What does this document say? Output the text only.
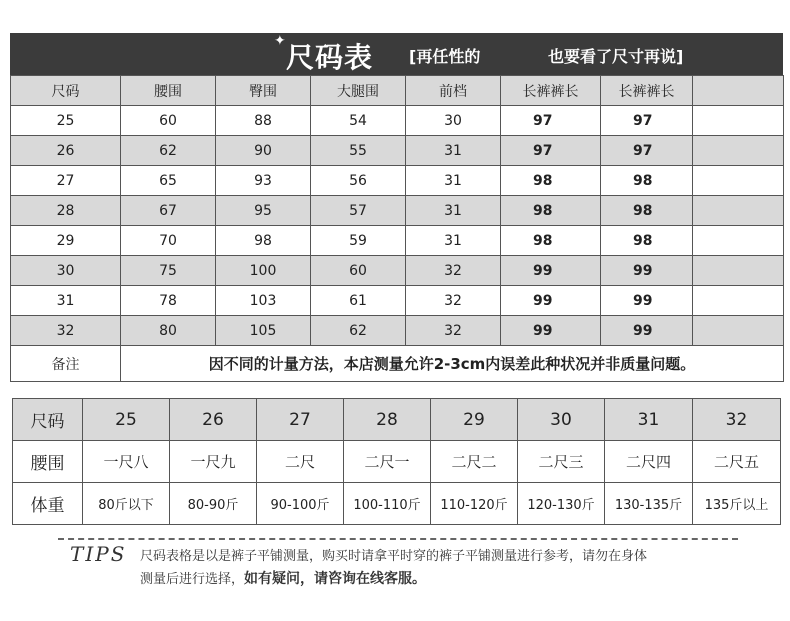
✦ 尺码表 [再任性的	也要看了尺寸再说]
尺码	腰围	臀围	大腿围	前档	长裤裤长	长裤裤长	
25	60	88	54	30	97	97	
26	62	90	55	31	97	97	
27	65	93	56	31	98	98	
28	67	95	57	31	98	98	
29	70	98	59	31	98	98	
30	75	100	60	32	99	99	
31	78	103	61	32	99	99	
32	80	105	62	32	99	99	
备注	因不同的计量方法，本店测量允许2-3cm内误差此种状况并非质量问题。						
尺码	25	26	27	28	29	30	31	32
腰围	一尺八	一尺九	二尺	二尺一	二尺二	二尺三	二尺四	二尺五
体重	80斤以下	80-90斤	90-100斤	100-110斤	110-120斤	120-130斤	130-135斤	135斤以上
TIPS 尺码表格是以是裤子平铺测量，购买时请拿平时穿的裤子平铺测量进行参考，请勿在身体
测量后进行选择，如有疑问，请咨询在线客服。
